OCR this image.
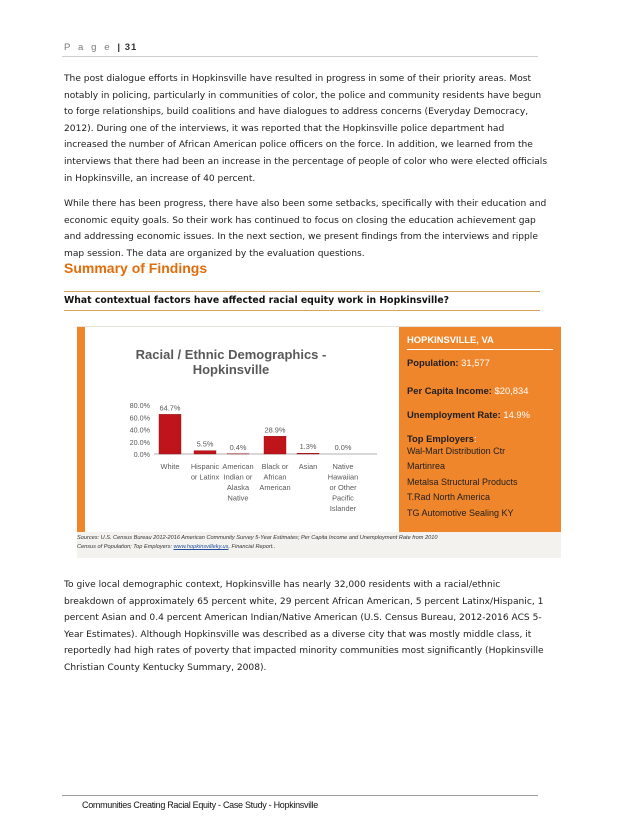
P a g e | 31

The post dialogue efforts in Hopkinsville have resulted in progress in some of their priority areas. Most notably in policing, particularly in communities of color, the police and community residents have begun to forge relationships, build coalitions and have dialogues to address concerns (Everyday Democracy, 2012). During one of the interviews, it was reported that the Hopkinsville police department had increased the number of African American police officers on the force. In addition, we learned from the interviews that there had been an increase in the percentage of people of color who were elected officials in Hopkinsville, an increase of 40 percent.

While there has been progress, there have also been some setbacks, specifically with their education and economic equity goals. So their work has continued to focus on closing the education achievement gap and addressing economic issues. In the next section, we present findings from the interviews and ripple map session. The data are organized by the evaluation questions.

Summary of Findings

What contextual factors have affected racial equity work in Hopkinsville?

Racial / Ethnic Demographics -
Hopkinsville
80.0%
60.0%
40.0%
20.0%
0.0%
64.7%
White
5.5%
Hispanic
or Latinx
0.4%
American
Indian or
Alaska
Native
28.9%
Black or
African
American
1.3%
Asian
0.0%
Native
Hawaiian
or Other
Pacific
Islander
HOPKINSVILLE, VA
Population: 31,577
Per Capita Income: $20,834
Unemployment Rate: 14.9%
Top Employers:
Wal-Mart Distribution Ctr
Martinrea
Metalsa Structural Products
T.Rad North America
TG Automotive Sealing KY
Sources: U.S. Census Bureau 2012-2016 American Community Survey 5-Year Estimates; Per Capita Income and Unemployment Rate from 2010
Census of Population; Top Employers: www.hopkinsvilleky.us, Financial Report..

To give local demographic context, Hopkinsville has nearly 32,000 residents with a racial/ethnic breakdown of approximately 65 percent white, 29 percent African American, 5 percent Latinx/Hispanic, 1 percent Asian and 0.4 percent American Indian/Native American (U.S. Census Bureau, 2012-2016 ACS 5-Year Estimates). Although Hopkinsville was described as a diverse city that was mostly middle class, it reportedly had high rates of poverty that impacted minority communities most significantly (Hopkinsville Christian County Kentucky Summary, 2008).

Communities Creating Racial Equity - Case Study - Hopkinsville
